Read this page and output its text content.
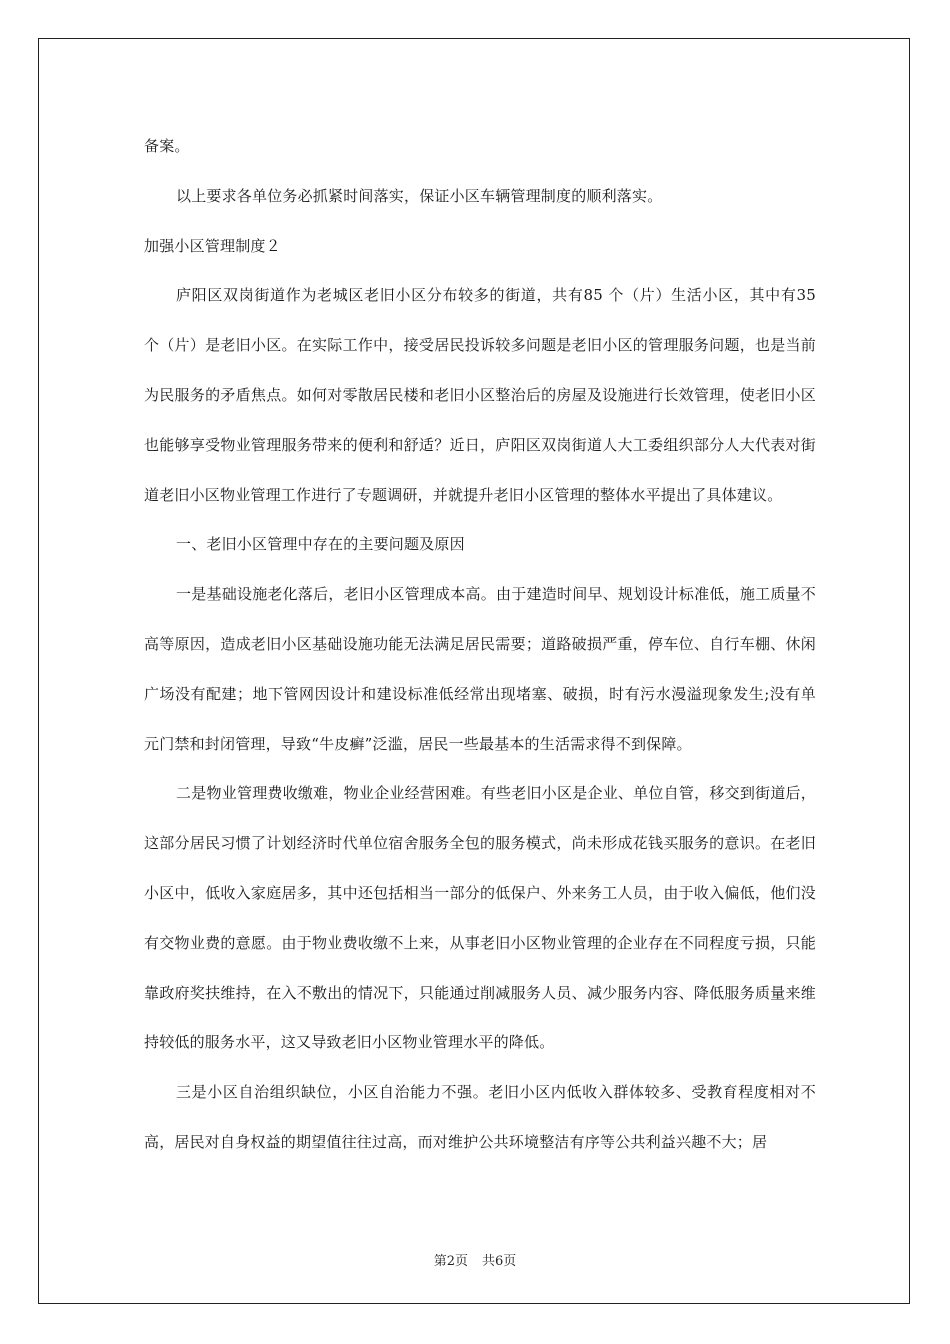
备案。

以上要求各单位务必抓紧时间落实，保证小区车辆管理制度的顺利落实。

加强小区管理制度２

庐阳区双岗街道作为老城区老旧小区分布较多的街道，共有85 个（片）生活小区，其中有35 个（片）是老旧小区。在实际工作中，接受居民投诉较多问题是老旧小区的管理服务问题，也是当前为民服务的矛盾焦点。如何对零散居民楼和老旧小区整治后的房屋及设施进行长效管理，使老旧小区也能够享受物业管理服务带来的便利和舒适？近日，庐阳区双岗街道人大工委组织部分人大代表对街道老旧小区物业管理工作进行了专题调研，并就提升老旧小区管理的整体水平提出了具体建议。

一、老旧小区管理中存在的主要问题及原因

一是基础设施老化落后，老旧小区管理成本高。由于建造时间早、规划设计标准低，施工质量不高等原因，造成老旧小区基础设施功能无法满足居民需要；道路破损严重，停车位、自行车棚、休闲广场没有配建；地下管网因设计和建设标准低经常出现堵塞、破损，时有污水漫溢现象发生;没有单元门禁和封闭管理，导致“牛皮癣”泛滥，居民一些最基本的生活需求得不到保障。

二是物业管理费收缴难，物业企业经营困难。有些老旧小区是企业、单位自管，移交到街道后，这部分居民习惯了计划经济时代单位宿舍服务全包的服务模式，尚未形成花钱买服务的意识。在老旧小区中，低收入家庭居多，其中还包括相当一部分的低保户、外来务工人员，由于收入偏低，他们没有交物业费的意愿。由于物业费收缴不上来，从事老旧小区物业管理的企业存在不同程度亏损，只能靠政府奖扶维持，在入不敷出的情况下，只能通过削减服务人员、减少服务内容、降低服务质量来维持较低的服务水平，这又导致老旧小区物业管理水平的降低。

三是小区自治组织缺位，小区自治能力不强。老旧小区内低收入群体较多、受教育程度相对不高，居民对自身权益的期望值往往过高，而对维护公共环境整洁有序等公共利益兴趣不大；居

第2页 共6页
